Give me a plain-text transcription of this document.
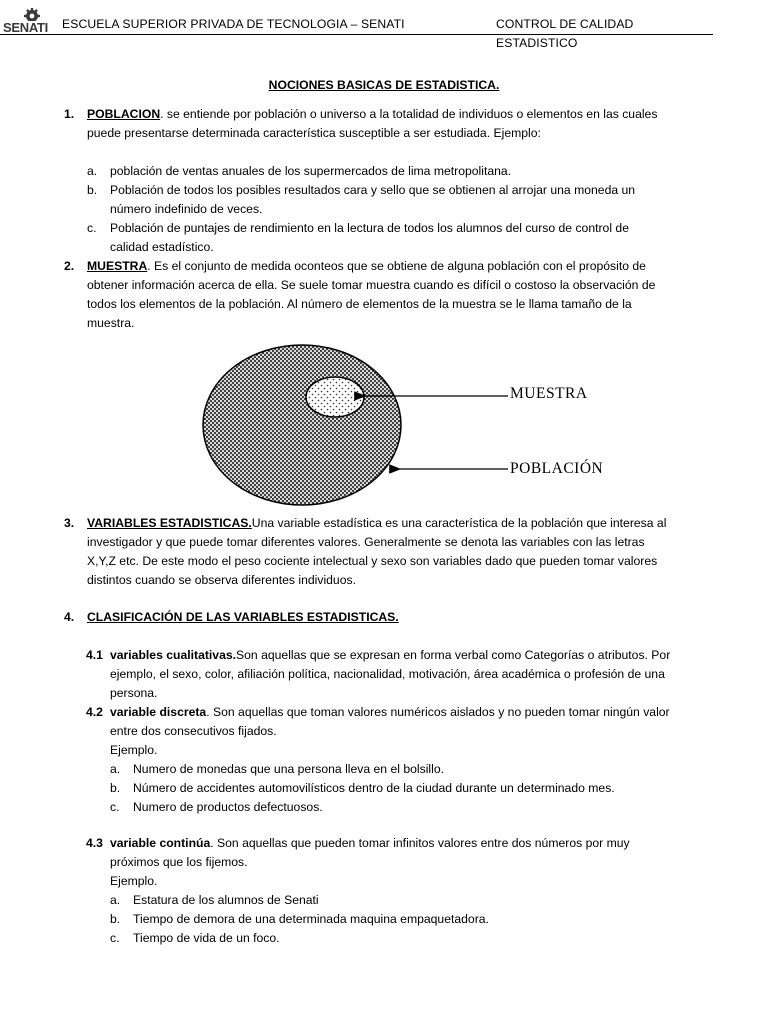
SENATI ESCUELA SUPERIOR PRIVADA DE TECNOLOGIA – SENATI	CONTROL DE CALIDAD ESTADISTICO
NOCIONES BASICAS DE ESTADISTICA.
1. POBLACION. se entiende por población o universo a la totalidad de individuos o elementos en las cuales
puede presentarse determinada característica susceptible a ser estudiada. Ejemplo:
a. población de ventas anuales de los supermercados de lima metropolitana.
b. Población de todos los posibles resultados cara y sello que se obtienen al arrojar una moneda un
número indefinido de veces.
c. Población de puntajes de rendimiento en la lectura de todos los alumnos del curso de control de
calidad estadístico.
2. MUESTRA. Es el conjunto de medida oconteos que se obtiene de alguna población con el propósito de
obtener información acerca de ella. Se suele tomar muestra cuando es difícil o costoso la observación de
todos los elementos de la población. Al número de elementos de la muestra se le llama tamaño de la
muestra.
MUESTRA
POBLACIÓN
3. VARIABLES ESTADISTICAS.Una variable estadística es una característica de la población que interesa al
investigador y que puede tomar diferentes valores. Generalmente se denota las variables con las letras
X,Y,Z etc. De este modo el peso cociente intelectual y sexo son variables dado que pueden tomar valores
distintos cuando se observa diferentes individuos.
4. CLASIFICACIÓN DE LAS VARIABLES ESTADISTICAS.
4.1 variables cualitativas.Son aquellas que se expresan en forma verbal como Categorías o atributos. Por
ejemplo, el sexo, color, afiliación política, nacionalidad, motivación, área académica o profesión de una
persona.
4.2 variable discreta. Son aquellas que toman valores numéricos aislados y no pueden tomar ningún valor
entre dos consecutivos fijados.
Ejemplo.
a. Numero de monedas que una persona lleva en el bolsillo.
b. Número de accidentes automovilísticos dentro de la ciudad durante un determinado mes.
c. Numero de productos defectuosos.
4.3 variable continúa. Son aquellas que pueden tomar infinitos valores entre dos números por muy
próximos que los fijemos.
Ejemplo.
a. Estatura de los alumnos de Senati
b. Tiempo de demora de una determinada maquina empaquetadora.
c. Tiempo de vida de un foco.
